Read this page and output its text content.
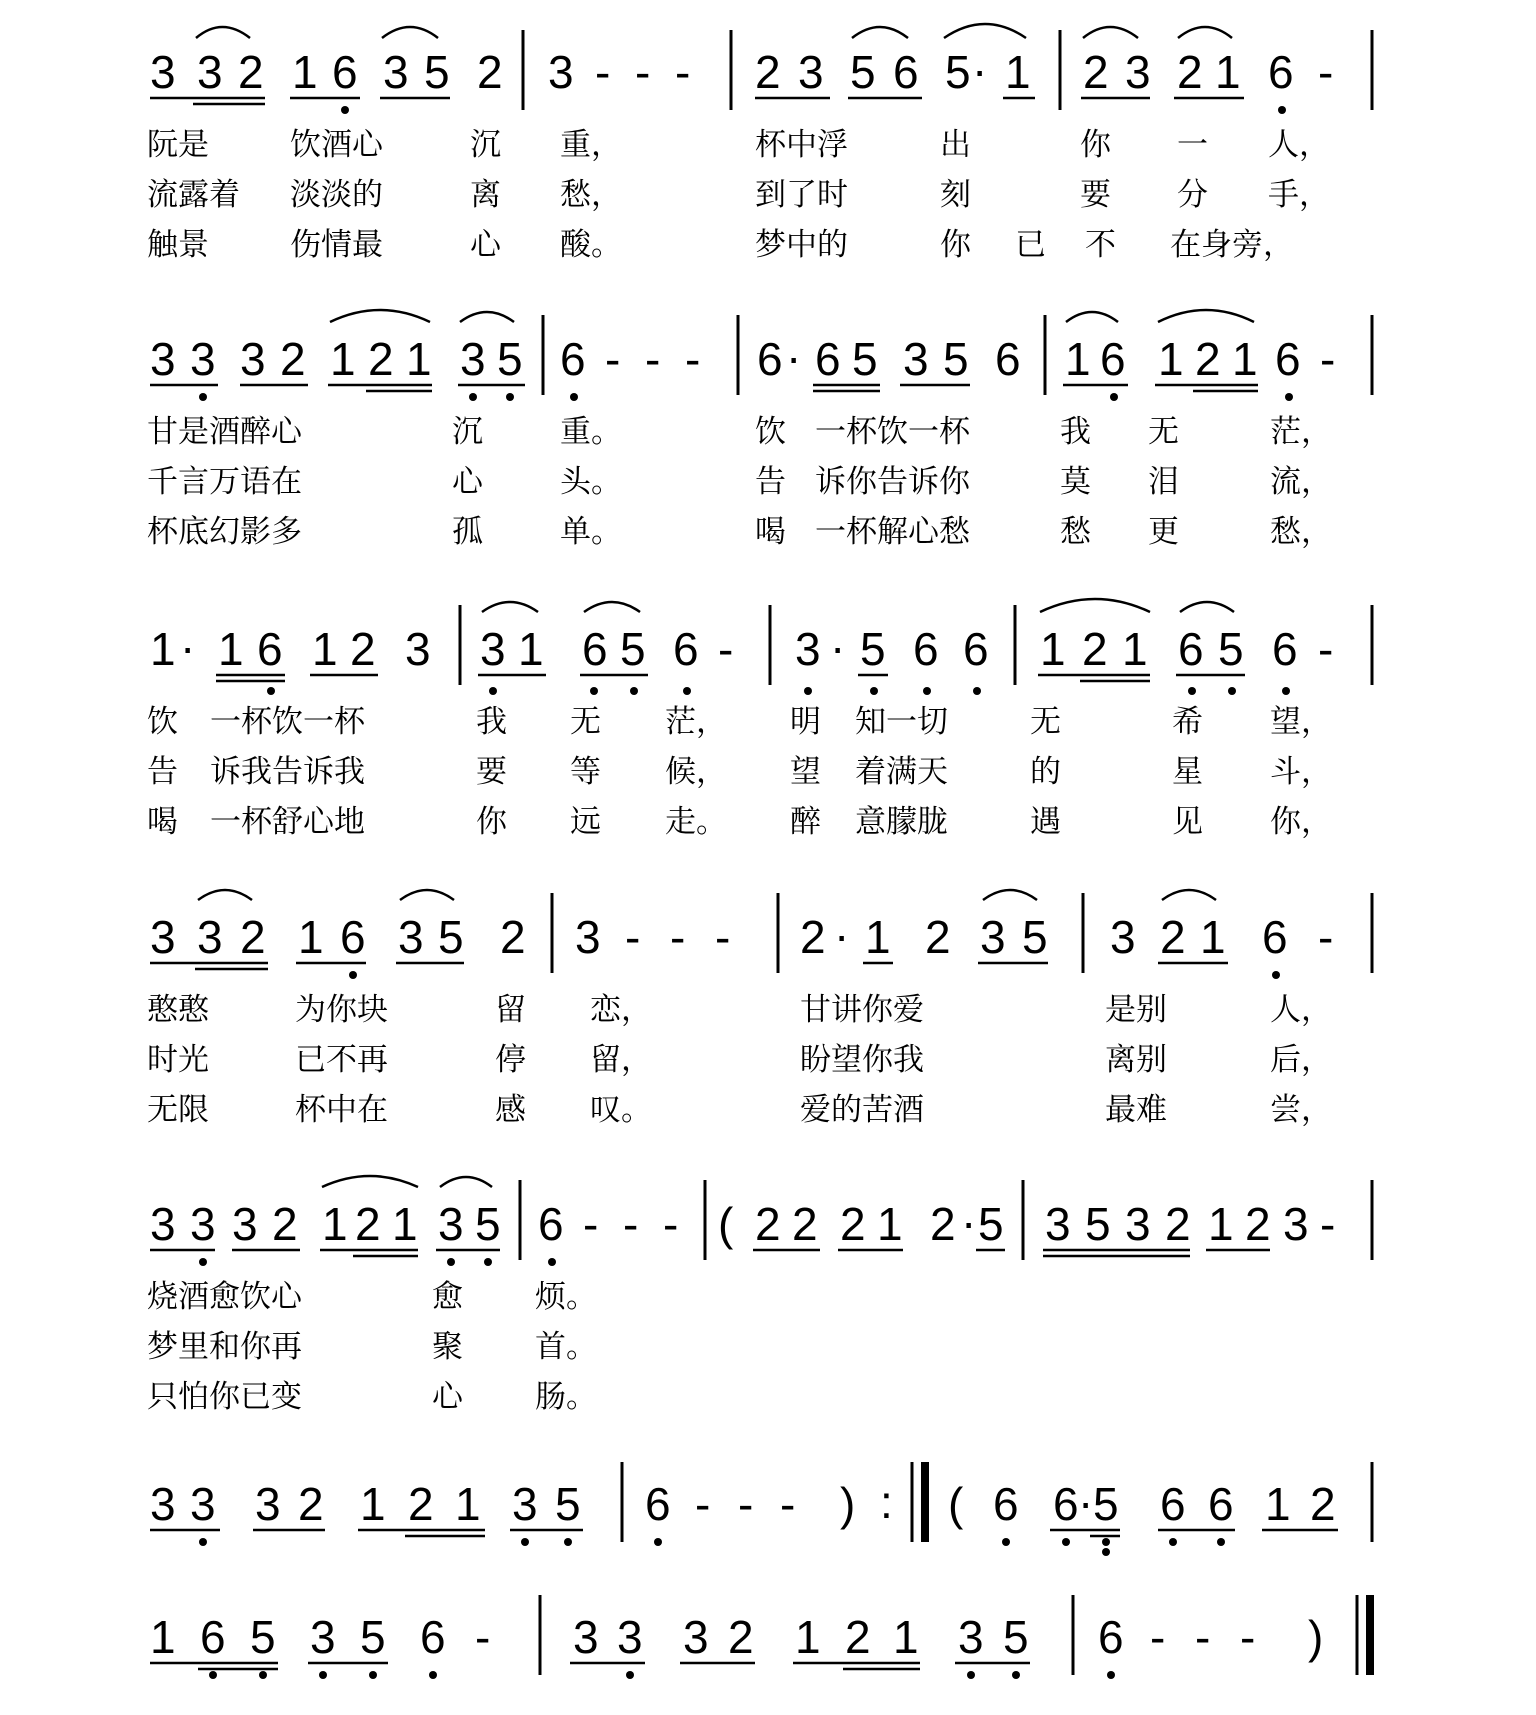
3 3 2 1 6 3 5 2 3 - - - 2 3 5 6 5 · 1 2 3 2 1 6 -
阮是	饮酒心	沉 重，	杯中浮	出	你 一 人，
流露着 淡淡的	离 愁，	到了时	刻	要 分 手，
触景	伤情最	心 酸。	梦中的	你 已 不 在身旁，
3 3 3 2 1 2 1 3 5 6 - - - 6 · 6 5 3 5 6 1 6 1 2 1 6 -
甘是酒醉心	沉 重。	饮 一杯饮一杯	我 无	茫，
千言万语在	心 头。	告 诉你告诉你	莫 泪	流，
杯底幻影多	孤 单。	喝 一杯解心愁	愁 更	愁，
1 · 1 6 1 2 3 3 1 6 5 6 - 3 · 5 6 6 1 2 1 6 5 6 -
饮 一杯饮一杯	我 无 茫， 明 知一切	无	希 望，
告 诉我告诉我	要 等 候， 望 着满天	的	星 斗，
喝 一杯舒心地	你 远 走。 醉 意朦胧	遇	见 你，
3 3 2 1 6 3 5 2 3 - - - 2 · 1 2 3 5 3 2 1 6 -
憨憨	为你块	留 恋，	甘讲你爱	是别	人，
时光	已不再	停 留，	盼望你我	离别	后，
无限	杯中在	感 叹。	爱的苦酒	最难	尝，
3 3 3 2 1 2 1 3 5 6 - - - ( 2 2 2 1 2 · 5 3 5 3 2 1 2 3 -
烧酒愈饮心	愈 烦。
梦里和你再	聚 首。
只怕你已变	心 肠。
3 3 3 2 1 2 1 3 5 6 - - - ) : ( 6 6 · 5 6 6 1 2
1 6 5 3 5 6 - 3 3 3 2 1 2 1 3 5 6 - - - )
